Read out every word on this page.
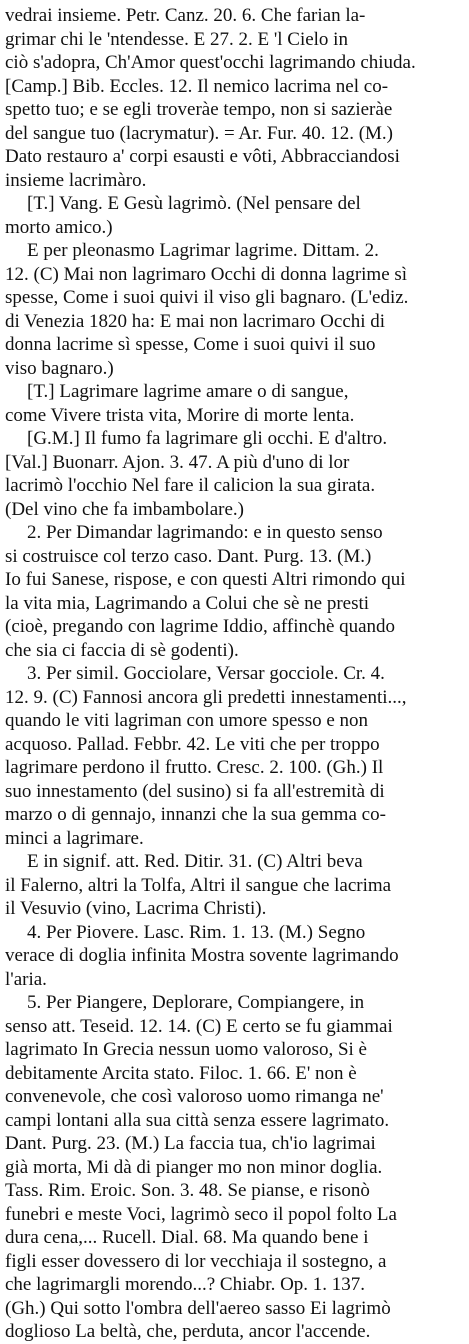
vedrai insieme. Petr. Canz. 20. 6. Che farian la-
grimar chi le 'ntendesse. E 27. 2. E 'l Cielo in
ciò s'adopra, Ch'Amor quest'occhi lagrimando chiuda.
[Camp.] Bib. Eccles. 12. Il nemico lacrima nel co-
spetto tuo; e se egli troveràe tempo, non si sazieràe
del sangue tuo (lacrymatur). = Ar. Fur. 40. 12. (M.)
Dato restauro a' corpi esausti e vôti, Abbracciandosi
insieme lacrimàro.
[T.] Vang. E Gesù lagrimò. (Nel pensare del
morto amico.)
E per pleonasmo Lagrimar lagrime. Dittam. 2.
12. (C) Mai non lagrimaro Occhi di donna lagrime sì
spesse, Come i suoi quivi il viso gli bagnaro. (L'ediz.
di Venezia 1820 ha: E mai non lacrimaro Occhi di
donna lacrime sì spesse, Come i suoi quivi il suo
viso bagnaro.)
[T.] Lagrimare lagrime amare o di sangue,
come Vivere trista vita, Morire di morte lenta.
[G.M.] Il fumo fa lagrimare gli occhi. E d'altro.
[Val.] Buonarr. Ajon. 3. 47. A più d'uno di lor
lacrimò l'occhio Nel fare il calicion la sua girata.
(Del vino che fa imbambolare.)
2. Per Dimandar lagrimando: e in questo senso
si costruisce col terzo caso. Dant. Purg. 13. (M.)
Io fui Sanese, rispose, e con questi Altri rimondo qui
la vita mia, Lagrimando a Colui che sè ne presti
(cioè, pregando con lagrime Iddio, affinchè quando
che sia ci faccia di sè godenti).
3. Per simil. Gocciolare, Versar gocciole. Cr. 4.
12. 9. (C) Fannosi ancora gli predetti innestamenti...,
quando le viti lagriman con umore spesso e non
acquoso. Pallad. Febbr. 42. Le viti che per troppo
lagrimare perdono il frutto. Cresc. 2. 100. (Gh.) Il
suo innestamento (del susino) si fa all'estremità di
marzo o di gennajo, innanzi che la sua gemma co-
minci a lagrimare.
E in signif. att. Red. Ditir. 31. (C) Altri beva
il Falerno, altri la Tolfa, Altri il sangue che lacrima
il Vesuvio (vino, Lacrima Christi).
4. Per Piovere. Lasc. Rim. 1. 13. (M.) Segno
verace di doglia infinita Mostra sovente lagrimando
l'aria.
5. Per Piangere, Deplorare, Compiangere, in
senso att. Teseid. 12. 14. (C) E certo se fu giammai
lagrimato In Grecia nessun uomo valoroso, Si è
debitamente Arcita stato. Filoc. 1. 66. E' non è
convenevole, che così valoroso uomo rimanga ne'
campi lontani alla sua città senza essere lagrimato.
Dant. Purg. 23. (M.) La faccia tua, ch'io lagrimai
già morta, Mi dà di pianger mo non minor doglia.
Tass. Rim. Eroic. Son. 3. 48. Se pianse, e risonò
funebri e meste Voci, lagrimò seco il popol folto La
dura cena,... Rucell. Dial. 68. Ma quando bene i
figli esser dovessero di lor vecchiaja il sostegno, a
che lagrimargli morendo...? Chiabr. Op. 1. 137.
(Gh.) Qui sotto l'ombra dell'aereo sasso Ei lagrimò
doglioso La beltà, che, perduta, ancor l'accende.
